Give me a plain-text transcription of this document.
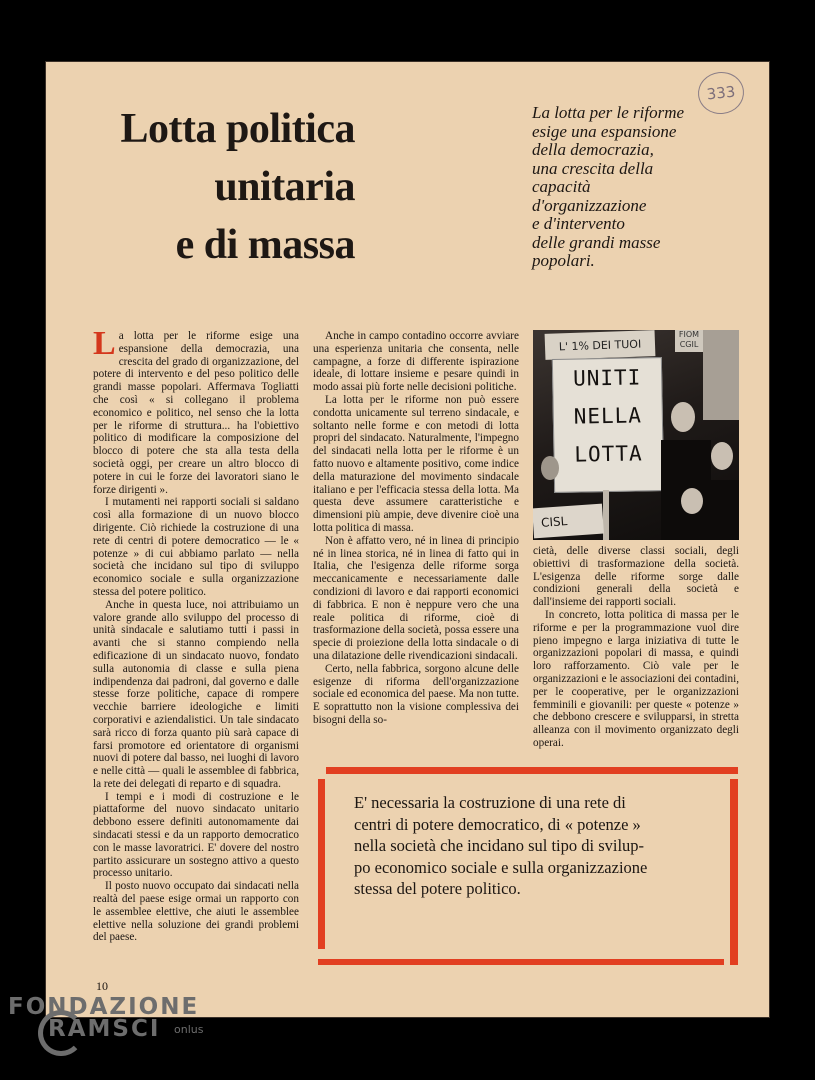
333
Lotta politica
unitaria
e di massa
La lotta per le riforme
esige una espansione
della democrazia,
una crescita della
capacità
d'organizzazione
e d'intervento
delle grandi masse
popolari.

La lotta per le riforme esige una espansione della democrazia, una crescita del grado di organizzazione, del potere di intervento e del peso politico delle grandi masse popolari. Affermava Togliatti che così « si collegano il problema economico e politico, nel senso che la lotta per le riforme di struttura... ha l'obiettivo politico di modificare la composizione del blocco di potere che sta alla testa della società oggi, per creare un altro blocco di potere in cui le forze dei lavoratori siano le forze dirigenti ».

I mutamenti nei rapporti sociali si saldano così alla formazione di un nuovo blocco dirigente. Ciò richiede la costruzione di una rete di centri di potere democratico — le « potenze » di cui abbiamo parlato — nella società che incidano sul tipo di sviluppo economico sociale e sulla organizzazione stessa del potere politico.

Anche in questa luce, noi attribuiamo un valore grande allo sviluppo del processo di unità sindacale e salutiamo tutti i passi in avanti che si stanno compiendo nella edificazione di un sindacato nuovo, fondato sulla autonomia di classe e sulla piena indipendenza dai padroni, dal governo e dalle stesse forze politiche, capace di rompere vecchie barriere ideologiche e limiti corporativi e aziendalistici. Un tale sindacato sarà ricco di forza quanto più sarà capace di farsi promotore ed orientatore di organismi nuovi di potere dal basso, nei luoghi di lavoro e nelle città — quali le assemblee di fabbrica, la rete dei delegati di reparto e di squadra.

I tempi e i modi di costruzione e le piattaforme del nuovo sindacato unitario debbono essere definiti autonomamente dai sindacati stessi e da un rapporto democratico con le masse lavoratrici. E' dovere del nostro partito assicurare un sostegno attivo a questo processo unitario.

Il posto nuovo occupato dai sindacati nella realtà del paese esige ormai un rapporto con le assemblee elettive, che aiuti le assemblee elettive nella soluzione dei grandi problemi del paese.

Anche in campo contadino occorre avviare una esperienza unitaria che consenta, nelle campagne, a forze di differente ispirazione ideale, di lottare insieme e pesare quindi in modo assai più forte nelle decisioni politiche.

La lotta per le riforme non può essere condotta unicamente sul terreno sindacale, e soltanto nelle forme e con metodi di lotta propri del sindacato. Naturalmente, l'impegno del sindacati nella lotta per le riforme è un fatto nuovo e altamente positivo, come indice della maturazione del movimento sindacale italiano e per l'efficacia stessa della lotta. Ma questa deve assumere caratteristiche e dimensioni più ampie, deve divenire cioè una lotta politica di massa.

Non è affatto vero, né in linea di principio né in linea storica, né in linea di fatto qui in Italia, che l'esigenza delle riforme sorga meccanicamente e necessariamente dalle condizioni di lavoro e dai rapporti economici di fabbrica. E non è neppure vero che una reale politica di riforme, cioè di trasformazione della società, possa essere una specie di proiezione della lotta sindacale o di una dilatazione delle rivendicazioni sindacali.

Certo, nella fabbrica, sorgono alcune delle esigenze di riforma dell'organizzazione sociale ed economica del paese. Ma non tutte. E soprattutto non la visione complessiva dei bisogni della so-

L' 1% DEI TUOI
FIOM CGIL
UNITI
NELLA
LOTTA
CISL

cietà, delle diverse classi sociali, degli obiettivi di trasformazione della società. L'esigenza delle riforme sorge dalle condizioni generali della società e dall'insieme dei rapporti sociali.

In concreto, lotta politica di massa per le riforme e per la programmazione vuol dire pieno impegno e larga iniziativa di tutte le organizzazioni popolari di massa, e quindi loro rafforzamento. Ciò vale per le organizzazioni e le associazioni dei contadini, per le cooperative, per le organizzazioni femminili e giovanili: per queste « potenze » che debbono crescere e svilupparsi, in stretta alleanza con il movimento organizzato degli operai.

E' necessaria la costruzione di una rete di
centri di potere democratico, di « potenze »
nella società che incidano sul tipo di svilup-
po economico sociale e sulla organizzazione
stessa del potere politico.
10
FONDAZIONE
RAMSCI onlus
